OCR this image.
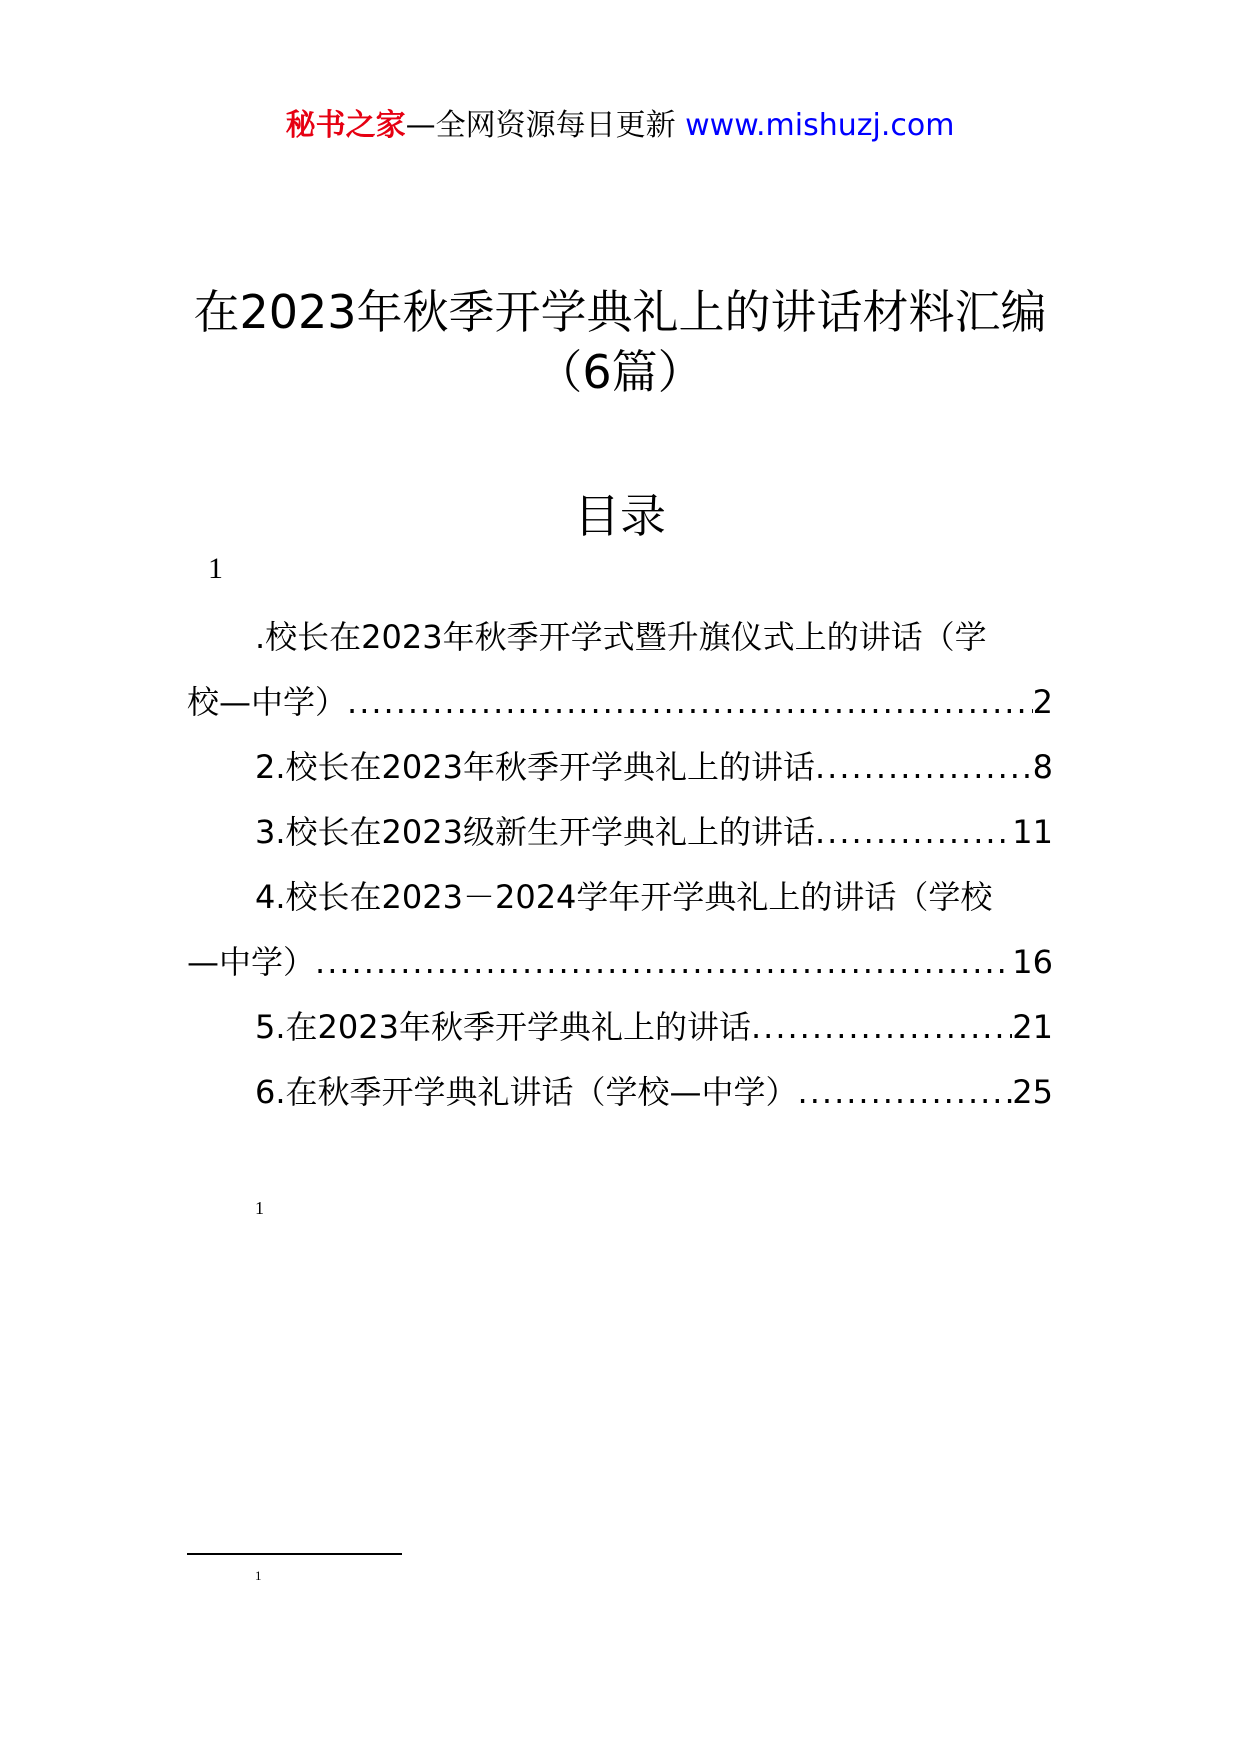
秘书之家—全网资源每日更新 www.mishuzj.com
在2023年秋季开学典礼上的讲话材料汇编
（6篇）
目录
1
.校长在2023年秋季开学式暨升旗仪式上的讲话（学
校—中学） .....	2
2.校长在2023年秋季开学典礼上的讲话 .....	8
3.校长在2023级新生开学典礼上的讲话 .....	11
4.校长在2023－2024学年开学典礼上的讲话（学校
—中学） .....	16
5.在2023年秋季开学典礼上的讲话 .....	21
6.在秋季开学典礼讲话（学校—中学） .....	25
1
1
